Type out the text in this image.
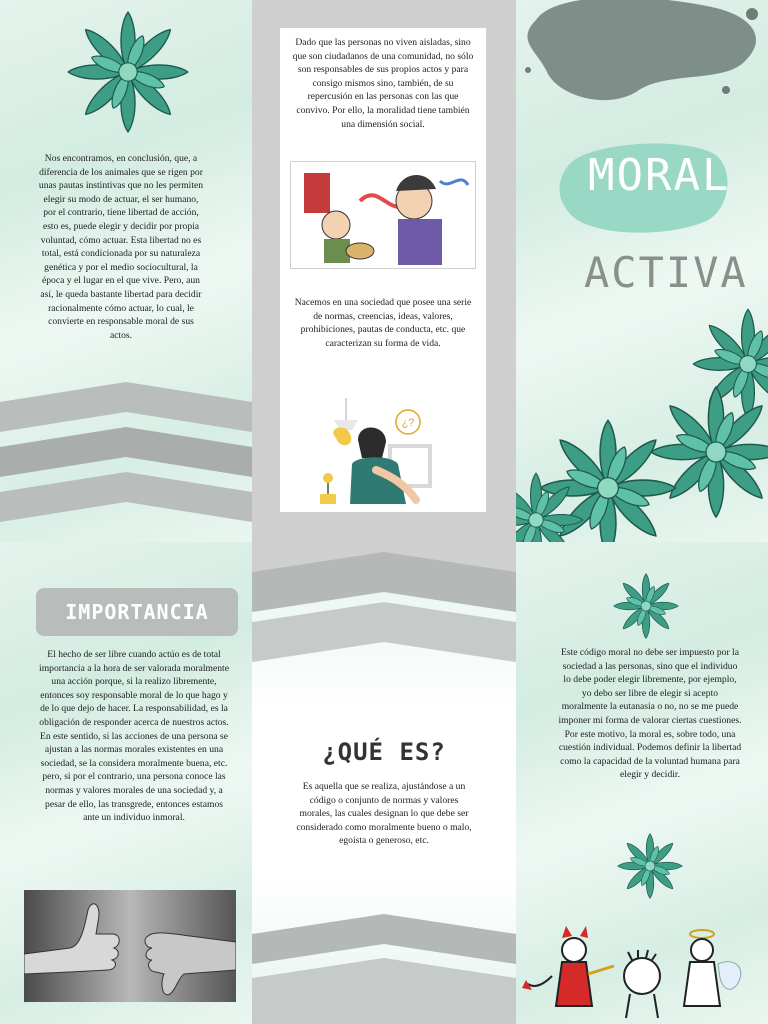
Nos encontramos, en conclusión, que, a diferencia de los animales que se rigen por unas pautas instintivas que no les permiten elegir su modo de actuar, el ser humano, por el contrario, tiene libertad de acción, esto es, puede elegir y decidir por propia voluntad, cómo actuar. Esta libertad no es total, está condicionada por su naturaleza genética y por el medio sociocultural, la época y el lugar en el que vive. Pero, aun así, le queda bastante libertad para decidir racionalmente cómo actuar, lo cual, le convierte en responsable moral de sus actos.

Dado que las personas no viven aisladas, sino que son ciudadanos de una comunidad, no sólo son responsables de sus propios actos y para consigo mismos sino, también, de su repercusión en las personas con las que convivo. Por ello, la moralidad tiene también una dimensión social.

Nacemos en una sociedad que posee una serie de normas, creencias, ideas, valores, prohibiciones, pautas de conducta, etc. que caracterizan su forma de vida.

¿?
MORAL
ACTIVA
IMPORTANCIA

El hecho de ser libre cuando actúo es de total importancia a la hora de ser valorada moralmente una acción porque, si la realizo libremente, entonces soy responsable moral de lo que hago y de lo que dejo de hacer. La responsabilidad, es la obligación de responder acerca de nuestros actos. En este sentido, si las acciones de una persona se ajustan a las normas morales existentes en una sociedad, se la considera moralmente buena, etc. pero, si por el contrario, una persona conoce las normas y valores morales de una sociedad y, a pesar de ello, las transgrede, entonces estamos ante un individuo inmoral.

¿QUÉ ES?

Es aquella que se realiza, ajustándose a un código o conjunto de normas y valores morales, las cuales designan lo que debe ser considerado como moralmente bueno o malo, egoísta o generoso, etc.

Este código moral no debe ser impuesto por la sociedad a las personas, sino que el individuo lo debe poder elegir libremente, por ejemplo, yo debo ser libre de elegir si acepto moralmente la eutanasia o no, no se me puede imponer mi forma de valorar ciertas cuestiones. Por este motivo, la moral es, sobre todo, una cuestión individual. Podemos definir la libertad como la capacidad de la voluntad humana para elegir y decidir.
